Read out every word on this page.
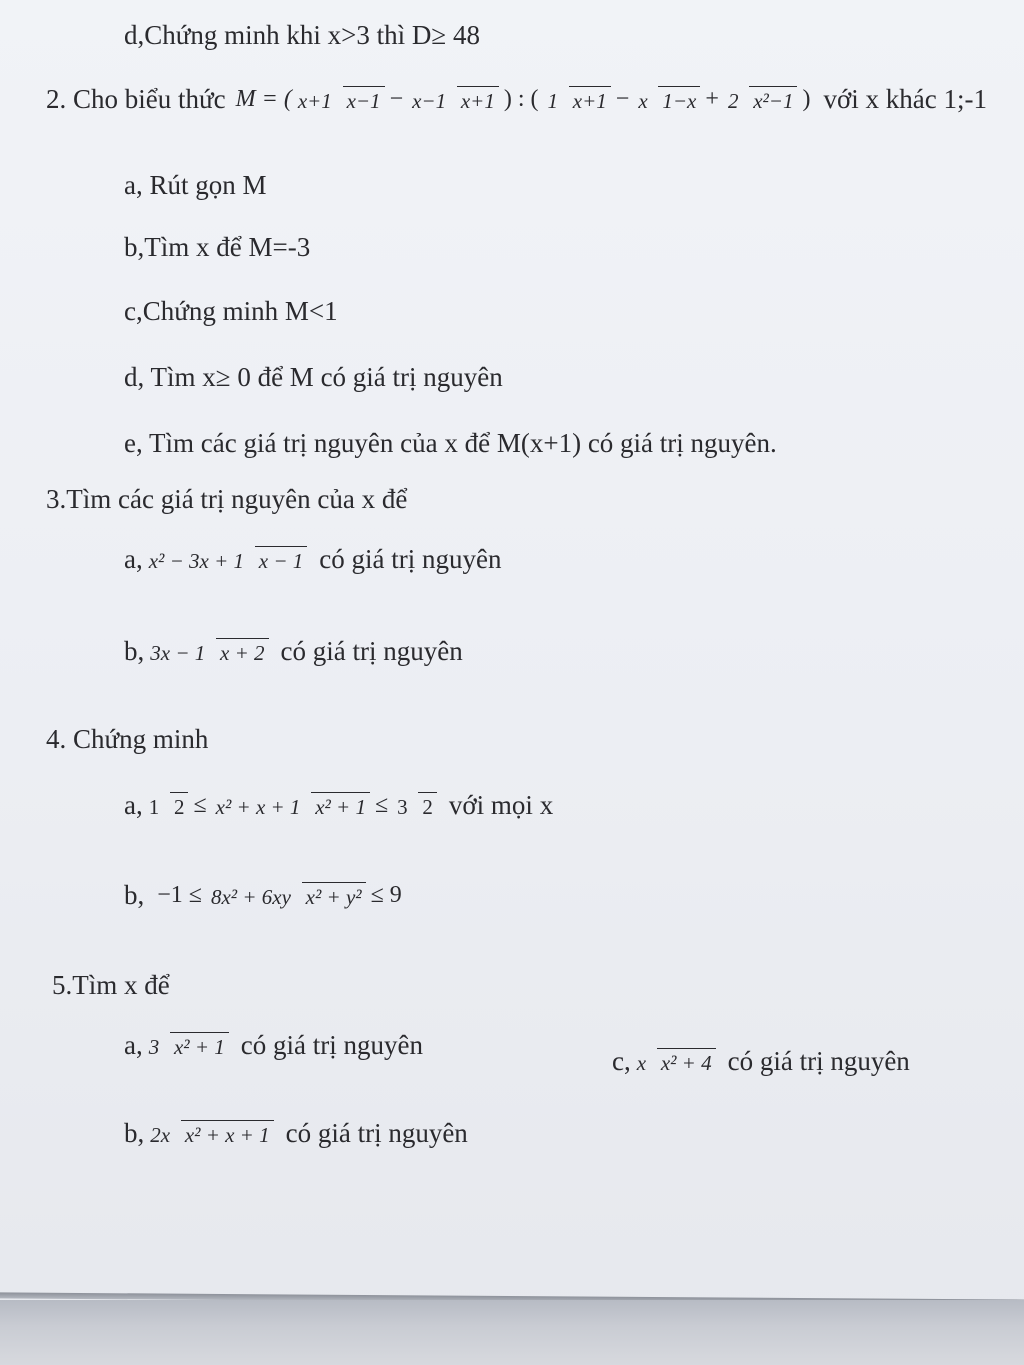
d,Chứng minh khi x>3 thì D≥ 48
2. Cho biểu thức M = ( x+1 x−1 − x−1 x+1 ) : ( 1 x+1 − x 1−x + 2 x²−1 ) với x khác 1;-1
a, Rút gọn M
b,Tìm x để M=-3
c,Chứng minh M<1
d, Tìm x≥ 0 để M có giá trị nguyên
e, Tìm các giá trị nguyên của x để M(x+1) có giá trị nguyên.
3.Tìm các giá trị nguyên của x để
a, x² − 3x + 1 x − 1 có giá trị nguyên
b, 3x − 1 x + 2 có giá trị nguyên
4. Chứng minh
a, 1 2 ≤ x² + x + 1 x² + 1 ≤ 3 2 với mọi x
b, −1 ≤ 8x² + 6xy x² + y² ≤ 9
5.Tìm x để
a, 3 x² + 1 có giá trị nguyên
c, x x² + 4 có giá trị nguyên
b, 2x x² + x + 1 có giá trị nguyên
